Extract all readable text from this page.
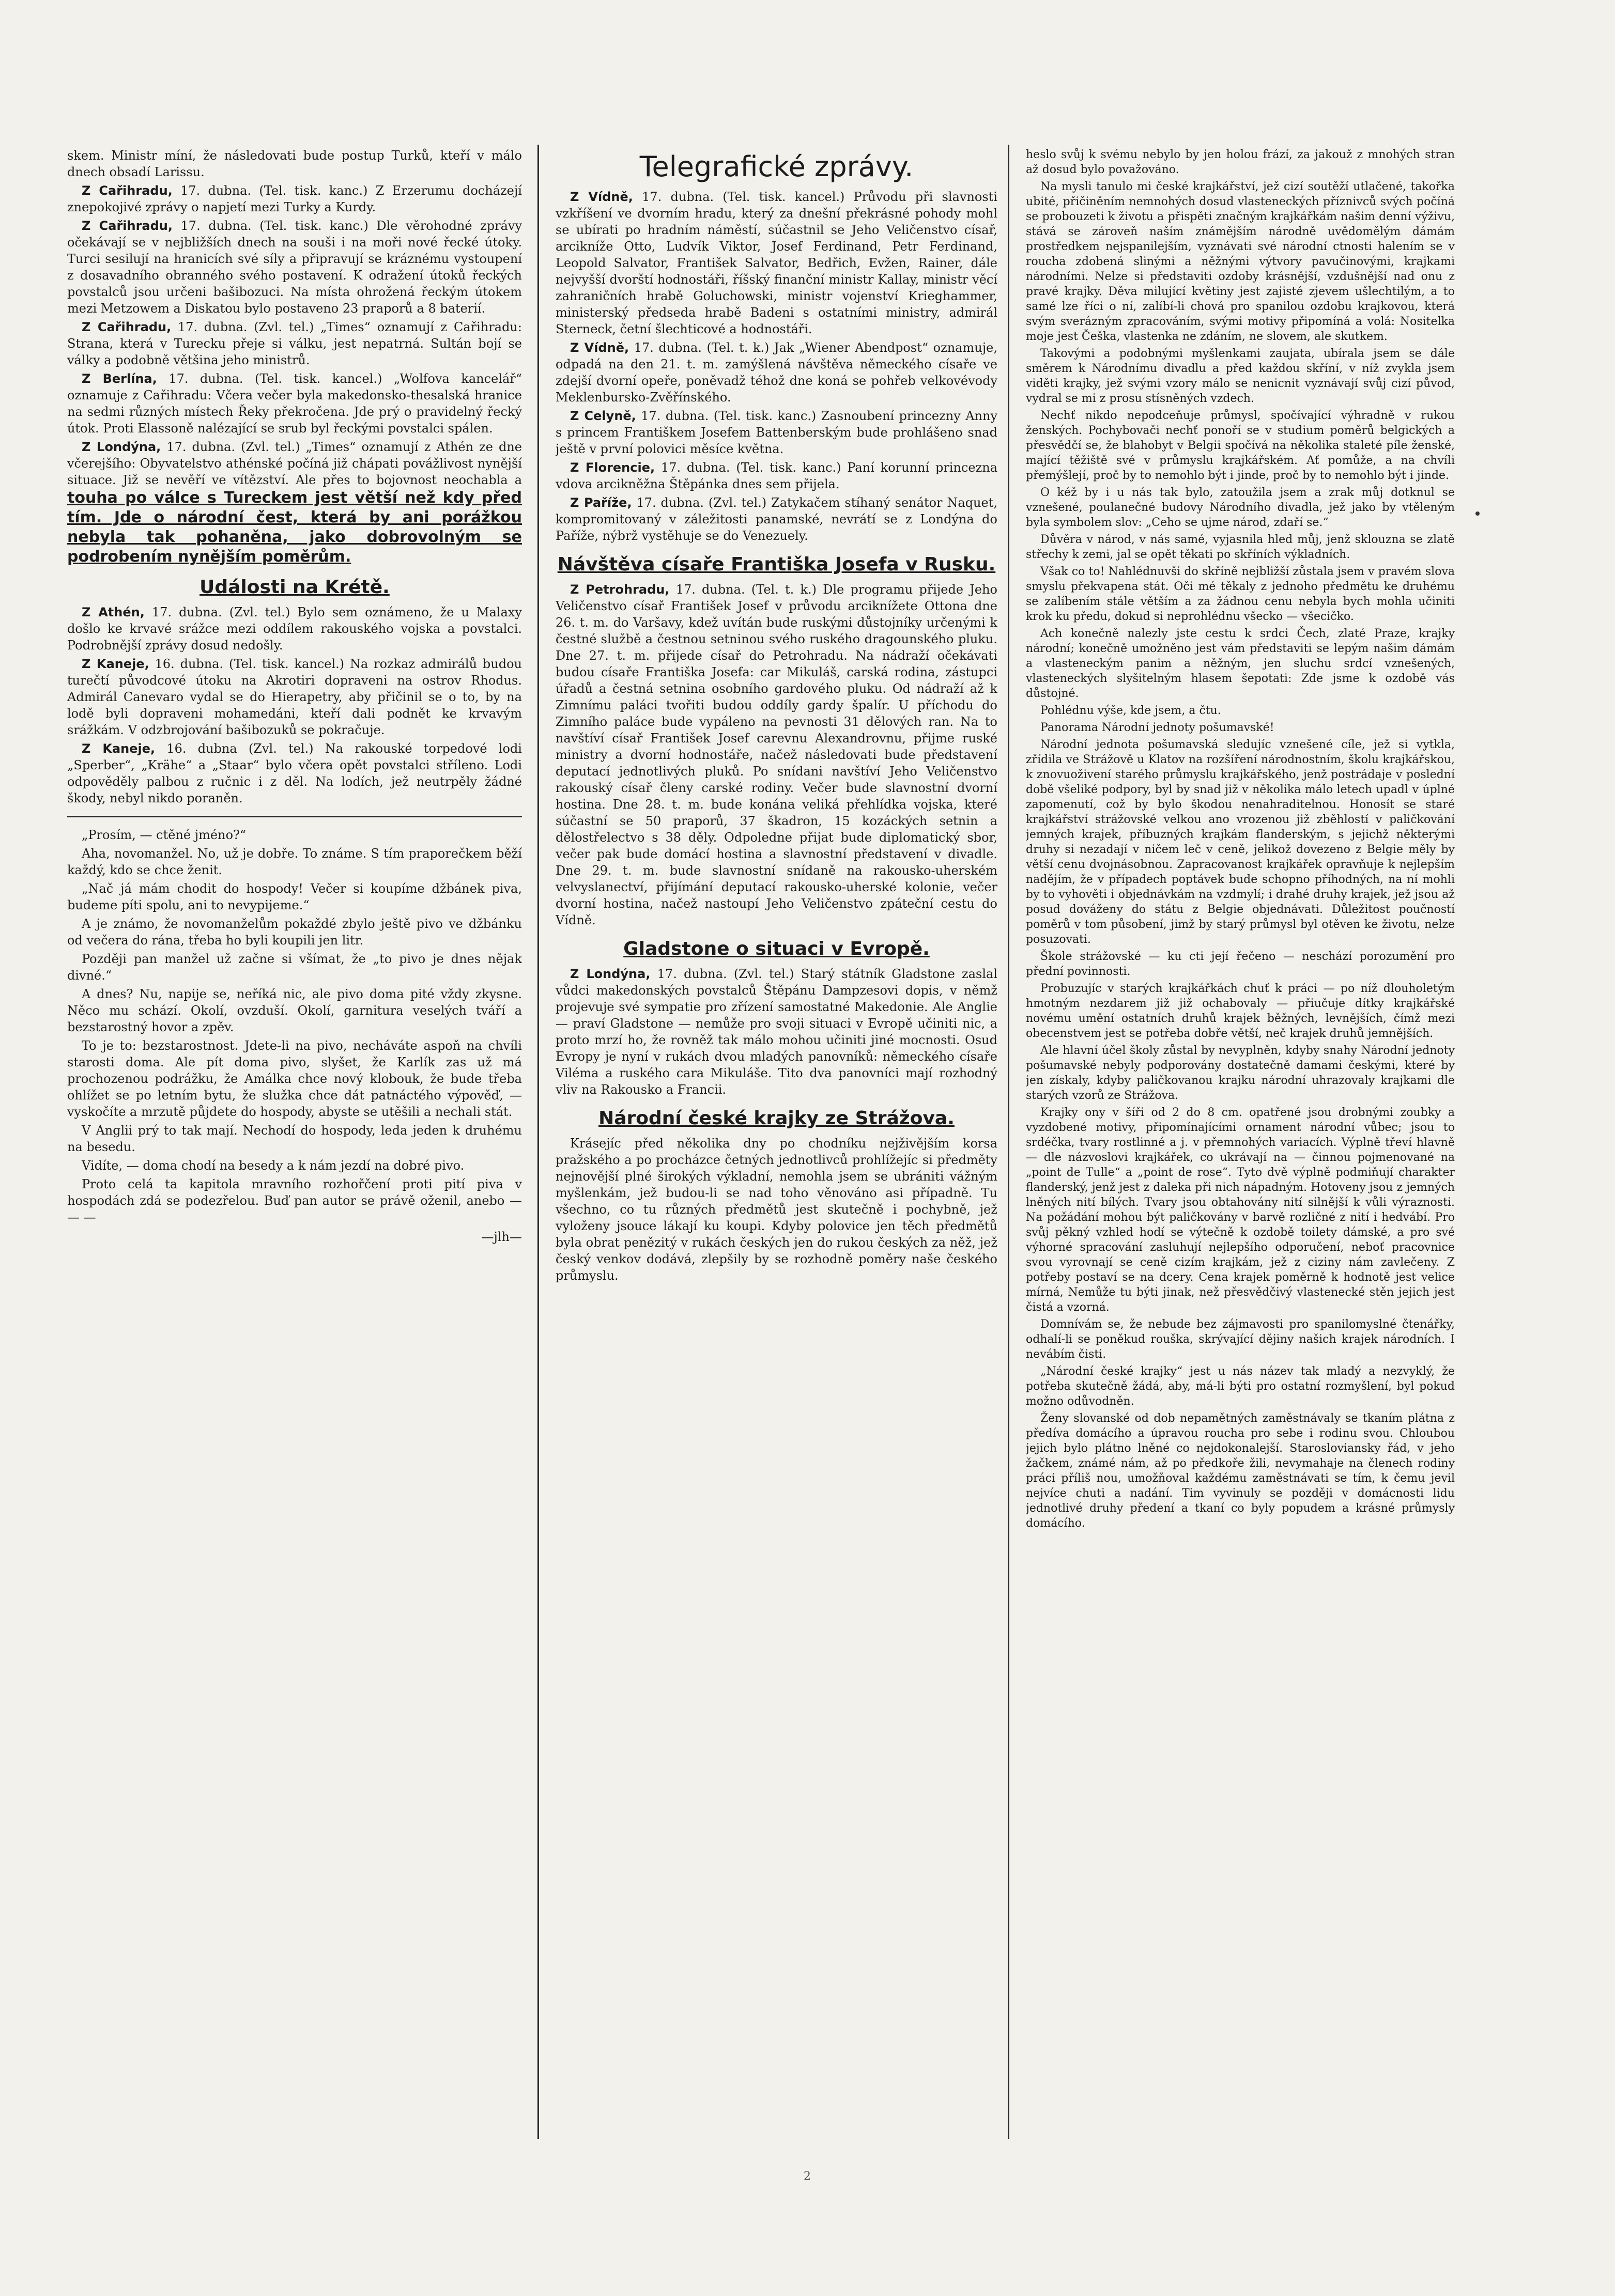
skem. Ministr míní, že následovati bude postup Turků, kteří v málo dnech obsadí Larissu.

Z Cařihradu, 17. dubna. (Tel. tisk. kanc.) Z Erzerumu docházejí znepokojivé zprávy o napjetí mezi Turky a Kurdy.

Z Cařihradu, 17. dubna. (Tel. tisk. kanc.) Dle věrohodné zprávy očekávají se v nejbližších dnech na souši i na moři nové řecké útoky. Turci sesilují na hranicích své síly a připravují se kráznému vystoupení z dosavadního obranného svého postavení. K odražení útoků řeckých povstalců jsou určeni bašibozuci. Na místa ohrožená řeckým útokem mezi Metzowem a Diskatou bylo postaveno 23 praporů a 8 baterií.

Z Cařihradu, 17. dubna. (Zvl. tel.) „Times“ oznamují z Cařihradu: Strana, která v Turecku přeje si válku, jest nepatrná. Sultán bojí se války a podobně většina jeho ministrů.

Z Berlína, 17. dubna. (Tel. tisk. kancel.) „Wolfova kancelář“ oznamuje z Cařihradu: Včera večer byla makedonsko-thesalská hranice na sedmi různých místech Řeky překročena. Jde prý o pravidelný řecký útok. Proti Elassoně nalézající se srub byl řeckými povstalci spálen.

Z Londýna, 17. dubna. (Zvl. tel.) „Times“ oznamují z Athén ze dne včerejšího: Obyvatelstvo athénské počíná již chápati povážlivost nynější situace. Již se nevěří ve vítězství. Ale přes to bojovnost neochabla a touha po válce s Tureckem jest větší než kdy před tím. Jde o národní čest, která by ani porážkou nebyla tak pohaněna, jako dobrovolným se podrobením nynějším poměrům.

Události na Krétě.

Z Athén, 17. dubna. (Zvl. tel.) Bylo sem oznámeno, že u Malaxy došlo ke krvavé srážce mezi oddílem rakouského vojska a povstalci. Podrobnější zprávy dosud nedošly.

Z Kaneje, 16. dubna. (Tel. tisk. kancel.) Na rozkaz admirálů budou turečtí původcové útoku na Akrotiri dopraveni na ostrov Rhodus. Admirál Canevaro vydal se do Hierapetry, aby přičinil se o to, by na lodě byli dopraveni mohamedáni, kteří dali podnět ke krvavým srážkám. V odzbrojování bašibozuků se pokračuje.

Z Kaneje, 16. dubna (Zvl. tel.) Na rakouské torpedové lodi „Sperber“, „Krähe“ a „Staar“ bylo včera opět povstalci stříleno. Lodi odpověděly palbou z ručnic i z děl. Na lodích, jež neutrpěly žádné škody, nebyl nikdo poraněn.

„Prosím, — ctěné jméno?“

Aha, novomanžel. No, už je dobře. To známe. S tím praporečkem běží každý, kdo se chce ženit.

„Nač já mám chodit do hospody! Večer si koupíme džbánek piva, budeme píti spolu, ani to nevypijeme.“

A je známo, že novomanželům pokaždé zbylo ještě pivo ve džbánku od večera do rána, třeba ho byli koupili jen litr.

Později pan manžel už začne si všímat, že „to pivo je dnes nějak divné.“

A dnes? Nu, napije se, neříká nic, ale pivo doma pité vždy zkysne. Něco mu schází. Okolí, ovzduší. Okolí, garnitura veselých tváří a bezstarostný hovor a zpěv.

To je to: bezstarostnost. Jdete-li na pivo, necháváte aspoň na chvíli starosti doma. Ale pít doma pivo, slyšet, že Karlík zas už má prochozenou podrážku, že Amálka chce nový klobouk, že bude třeba ohlížet se po letním bytu, že služka chce dát patnáctého výpověď, — vyskočíte a mrzutě půjdete do hospody, abyste se utěšili a nechali stát.

V Anglii prý to tak mají. Nechodí do hospody, leda jeden k druhému na besedu.

Vidíte, — doma chodí na besedy a k nám jezdí na dobré pivo.

Proto celá ta kapitola mravního rozhořčení proti pití piva v hospodách zdá se podezřelou. Buď pan autor se právě oženil, anebo — — —

—jlh—
Telegrafické zprávy.

Z Vídně, 17. dubna. (Tel. tisk. kancel.) Průvodu při slavnosti vzkříšení ve dvorním hradu, který za dnešní překrásné pohody mohl se ubírati po hradním náměstí, súčastnil se Jeho Veličenstvo císař, arcikníže Otto, Ludvík Viktor, Josef Ferdinand, Petr Ferdinand, Leopold Salvator, František Salvator, Bedřich, Evžen, Rainer, dále nejvyšší dvorští hodnostáři, říšský finanční ministr Kallay, ministr věcí zahraničních hrabě Goluchowski, ministr vojenství Krieghammer, ministerský předseda hrabě Badeni s ostatními ministry, admirál Sterneck, četní šlechticové a hodnostáři.

Z Vídně, 17. dubna. (Tel. t. k.) Jak „Wiener Abendpost“ oznamuje, odpadá na den 21. t. m. zamýšlená návštěva německého císaře ve zdejší dvorní opeře, poněvadž téhož dne koná se pohřeb velkovévody Meklenbursko-Zvěřínského.

Z Celyně, 17. dubna. (Tel. tisk. kanc.) Zasnoubení princezny Anny s princem Františkem Josefem Battenberským bude prohlášeno snad ještě v první polovici měsíce května.

Z Florencie, 17. dubna. (Tel. tisk. kanc.) Paní korunní princezna vdova arcikněžna Štěpánka dnes sem přijela.

Z Paříže, 17. dubna. (Zvl. tel.) Zatykačem stíhaný senátor Naquet, kompromitovaný v záležitosti panamské, nevrátí se z Londýna do Paříže, nýbrž vystěhuje se do Venezuely.

Návštěva císaře Františka Josefa v Rusku.

Z Petrohradu, 17. dubna. (Tel. t. k.) Dle programu přijede Jeho Veličenstvo císař František Josef v průvodu arciknížete Ottona dne 26. t. m. do Varšavy, kdež uvítán bude ruskými důstojníky určenými k čestné službě a čestnou setninou svého ruského dragounského pluku. Dne 27. t. m. přijede císař do Petrohradu. Na nádraží očekávati budou císaře Františka Josefa: car Mikuláš, carská rodina, zástupci úřadů a čestná setnina osobního gardového pluku. Od nádraží až k Zimnímu paláci tvořiti budou oddíly gardy špalír. U příchodu do Zimního paláce bude vypáleno na pevnosti 31 dělových ran. Na to navštíví císař František Josef carevnu Alexandrovnu, přijme ruské ministry a dvorní hodnostáře, načež následovati bude představení deputací jednotlivých pluků. Po snídani navštíví Jeho Veličenstvo rakouský císař členy carské rodiny. Večer bude slavnostní dvorní hostina. Dne 28. t. m. bude konána veliká přehlídka vojska, které súčastní se 50 praporů, 37 škadron, 15 kozáckých setnin a dělostřelectvo s 38 děly. Odpoledne přijat bude diplomatický sbor, večer pak bude domácí hostina a slavnostní představení v divadle. Dne 29. t. m. bude slavnostní snídaně na rakousko-uherském velvyslanectví, přijímání deputací rakousko-uherské kolonie, večer dvorní hostina, načež nastoupí Jeho Veličenstvo zpáteční cestu do Vídně.

Gladstone o situaci v Evropě.

Z Londýna, 17. dubna. (Zvl. tel.) Starý státník Gladstone zaslal vůdci makedonských povstalců Štěpánu Dampzesovi dopis, v němž projevuje své sympatie pro zřízení samostatné Makedonie. Ale Anglie — praví Gladstone — nemůže pro svoji situaci v Evropě učiniti nic, a proto mrzí ho, že rovněž tak málo mohou učiniti jiné mocnosti. Osud Evropy je nyní v rukách dvou mladých panovníků: německého císaře Viléma a ruského cara Mikuláše. Tito dva panovníci mají rozhodný vliv na Rakousko a Francii.

Národní české krajky ze Strážova.

Krásejíc před několika dny po chodníku nejživějším korsa pražského a po procházce četných jednotlivců prohlížejíc si předměty nejnovější plné širokých výkladní, nemohla jsem se ubrániti vážným myšlenkám, jež budou-li se nad toho věnováno asi případně. Tu všechno, co tu různých předmětů jest skutečně i pochybně, jež vyloženy jsouce lákají ku koupi. Kdyby polovice jen těch předmětů byla obrat penězitý v rukách českých jen do rukou českých za něž, jež český venkov dodává, zlepšily by se rozhodně poměry naše českého průmyslu.

heslo svůj k svému nebylo by jen holou frází, za jakouž z mnohých stran až dosud bylo považováno.

Na mysli tanulo mi české krajkářství, jež cizí soutěží utlačené, takořka ubité, přičiněním nemnohých dosud vlasteneckých příznivců svých počíná se probouzeti k životu a přispěti značným krajkářkám našim denní výživu, stává se zároveň naším známějším národně uvědomělým dámám prostředkem nejspanilejším, vyznávati své národní ctnosti halením se v roucha zdobená slinými a něžnými výtvory pavučinovými, krajkami národními. Nelze si představiti ozdoby krásnější, vzdušnější nad onu z pravé krajky. Děva milující květiny jest zajisté zjevem ušlechtilým, a to samé lze říci o ní, zalíbí-li chová pro spanilou ozdobu krajkovou, která svým sverázným zpracováním, svými motivy připomíná a volá: Nositelka moje jest Češka, vlastenka ne zdáním, ne slovem, ale skutkem.

Takovými a podobnými myšlenkami zaujata, ubírala jsem se dále směrem k Národnímu divadlu a před každou skříní, v níž zvykla jsem viděti krajky, jež svými vzory málo se nenicnit vyznávají svůj cizí původ, vydral se mi z prosu stísněných vzdech.

Nechť nikdo nepodceňuje průmysl, spočívající výhradně v rukou ženských. Pochybovači nechť ponoří se v studium poměrů belgických a přesvědčí se, že blahobyt v Belgii spočívá na několika staleté píle ženské, mající těžiště své v průmyslu krajkářském. Ať pomůže, a na chvíli přemýšlejí, proč by to nemohlo být i jinde, proč by to nemohlo být i jinde.

O kéž by i u nás tak bylo, zatoužila jsem a zrak můj dotknul se vznešené, poulanečné budovy Národního divadla, jež jako by vtěleným byla symbolem slov: „Ceho se ujme národ, zdaří se.“

Důvěra v národ, v nás samé, vyjasnila hled můj, jenž sklouzna se zlatě střechy k zemi, jal se opět těkati po skříních výkladních.

Však co to! Nahlédnuvši do skříně nejbližší zůstala jsem v pravém slova smyslu překvapena stát. Oči mé těkaly z jednoho předmětu ke druhému se zalíbením stále větším a za žádnou cenu nebyla bych mohla učiniti krok ku předu, dokud si neprohlédnu všecko — všecičko.

Ach konečně nalezly jste cestu k srdci Čech, zlaté Praze, krajky národní; konečně umožněno jest vám představiti se lepým našim dámám a vlasteneckým panim a něžným, jen sluchu srdcí vznešených, vlasteneckých slyšitelným hlasem šepotati: Zde jsme k ozdobě vás důstojné.

Pohlédnu výše, kde jsem, a čtu.

Panorama Národní jednoty pošumavské!

Národní jednota pošumavská sledujíc vznešené cíle, jež si vytkla, zřídila ve Strážově u Klatov na rozšíření národnostním, školu krajkářskou, k znovuoživení starého průmyslu krajkářského, jenž postrádaje v poslední době všeliké podpory, byl by snad již v několika málo letech upadl v úplné zapomenutí, což by bylo škodou nenahraditelnou. Honosít se staré krajkářství strážovské velkou ano vrozenou již zběhlostí v paličkování jemných krajek, příbuzných krajkám flanderským, s jejichž některými druhy si nezadají v ničem leč v ceně, jelikož dovezeno z Belgie měly by větší cenu dvojnásobnou. Zapracovanost krajkářek opravňuje k nejlepším nadějím, že v případech poptávek bude schopno příhodných, na ní mohli by to vyhověti i objednávkám na vzdmylí; i drahé druhy krajek, jež jsou až posud dováženy do státu z Belgie objednávati. Důležitost poučností poměrů v tom působení, jimž by starý průmysl byl otěven ke životu, nelze posuzovati.

Škole strážovské — ku cti její řečeno — neschází porozumění pro přední povinnosti.

Probuzujíc v starých krajkářkách chuť k práci — po níž dlouholetým hmotným nezdarem již již ochabovaly — přiučuje dítky krajkářské novému umění ostatních druhů krajek běžných, levnějších, čímž mezi obecenstvem jest se potřeba dobře větší, neč krajek druhů jemnějších.

Ale hlavní účel školy zůstal by nevyplněn, kdyby snahy Národní jednoty pošumavské nebyly podporovány dostatečně damami českými, které by jen získaly, kdyby paličkovanou krajku národní uhrazovaly krajkami dle starých vzorů ze Strážova.

Krajky ony v šíři od 2 do 8 cm. opatřené jsou drobnými zoubky a vyzdobené motivy, připomínajícími ornament národní vůbec; jsou to srdéčka, tvary rostlinné a j. v přemnohých variacích. Výplně třeví hlavně — dle názvoslovi krajkářek, co ukrávají na — činnou pojmenované na „point de Tulle“ a „point de rose“. Tyto dvě výplně podmiňují charakter flanderský, jenž jest z daleka při nich nápadným. Hotoveny jsou z jemných lněných nití bílých. Tvary jsou obtahovány nití silnější k vůli výraznosti. Na požádání mohou být paličkovány v barvě rozličné z nití i hedvábí. Pro svůj pěkný vzhled hodí se výtečně k ozdobě toilety dámské, a pro své výhorné spracování zasluhují nejlepšího odporučení, neboť pracovnice svou vyrovnají se ceně cizím krajkám, jež z ciziny nám zavlečeny. Z potřeby postaví se na dcery. Cena krajek poměrně k hodnotě jest velice mírná, Nemůže tu býti jinak, než přesvědčivý vlastenecké stěn jejich jest čistá a vzorná.

Domnívám se, že nebude bez zájmavosti pro spanilomyslné čtenářky, odhalí-li se poněkud rouška, skrývající dějiny našich krajek národních. I nevábím čisti.

„Národní české krajky“ jest u nás název tak mladý a nezvyklý, že potřeba skutečně žádá, aby, má-li býti pro ostatní rozmyšlení, byl pokud možno odůvodněn.

Ženy slovanské od dob nepamětných zaměstnávaly se tkaním plátna z předíva domácího a úpravou roucha pro sebe i rodinu svou. Chloubou jejich bylo plátno lněné co nejdokonalejší. Starosloviansky řád, v jeho žačkem, známé nám, až po předkoře žili, nevymahaje na členech rodiny práci příliš nou, umožňoval každému zaměstnávati se tím, k čemu jevil nejvíce chuti a nadání. Tim vyvinuly se později v domácnosti lidu jednotlivé druhy předení a tkaní co byly popudem a krásné průmysly domácího.

2
